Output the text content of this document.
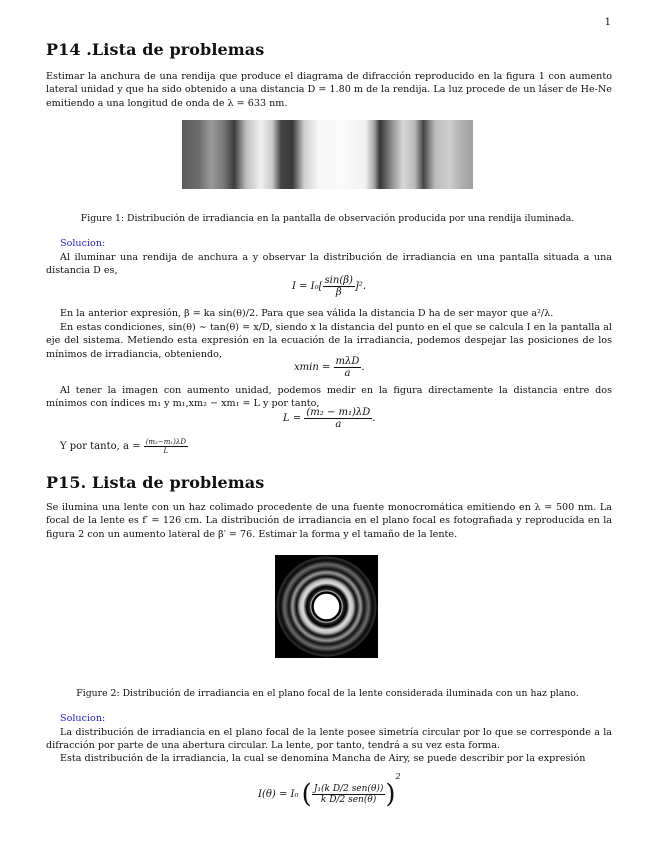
1
P14 .Lista de problemas

Estimar la anchura de una rendija que produce el diagrama de difracción reproducido en la figura 1 con aumento lateral unidad y que ha sido obtenido a una distancia D = 1.80 m de la rendija. La luz procede de un láser de He-Ne emitiendo a una longitud de onda de λ = 633 nm.

Figure 1: Distribución de irradiancia en la pantalla de observación producida por una rendija iluminada.
Solucion:

Al iluminar una rendija de anchura a y observar la distribución de irradiancia en una pantalla situada a una distancia D es,

$I = I_0[ \frac{\sin(\beta)}{\beta} ]^2$.

En la anterior expresión, β = ka sin(θ)/2. Para que sea válida la distancia D ha de ser mayor que a²/λ.

En estas condiciones, sin(θ) ∼ tan(θ) = x/D, siendo x la distancia del punto en el que se calcula I en la pantalla al eje del sistema. Metiendo esta expresión en la ecuación de la irradiancia, podemos despejar las posiciones de los mínimos de irradiancia, obteniendo,

$xmin = \frac{\text{mλD}}{a}$ .

Al tener la imagen con aumento unidad, podemos medir en la figura directamente la distancia entre dos mínimos con índices m₁ y m₁,xm₂ − xm₁ = L y por tanto,

$L = \frac{\text{(m₂ − m₁)λD}}{a}$ .
Y por tanto, $a = \frac{\text{(m₂−m₁)λD}}{L}$
P15. Lista de problemas

Se ilumina una lente con un haz colimado procedente de una fuente monocromática emitiendo en λ = 500 nm. La focal de la lente es f′ = 126 cm. La distribución de irradiancia en el plano focal es fotografiada y reproducida en la figura 2 con un aumento lateral de β′ = 76. Estimar la forma y el tamaño de la lente.

Figure 2: Distribución de irradiancia en el plano focal de la lente considerada iluminada con un haz plano.
Solucion:

La distribución de irradiancia en el plano focal de la lente posee simetría circular por lo que se corresponde a la difracción por parte de una abertura circular. La lente, por tanto, tendrá a su vez esta forma.

Esta distribución de la irradiancia, la cual se denomina Mancha de Airy, se puede describir por la expresión

I(θ) = I₀ ( $\frac{\text{J₁(k D/2 sen(θ))}}{\text{k D/2 sen(θ)}} )^2$
